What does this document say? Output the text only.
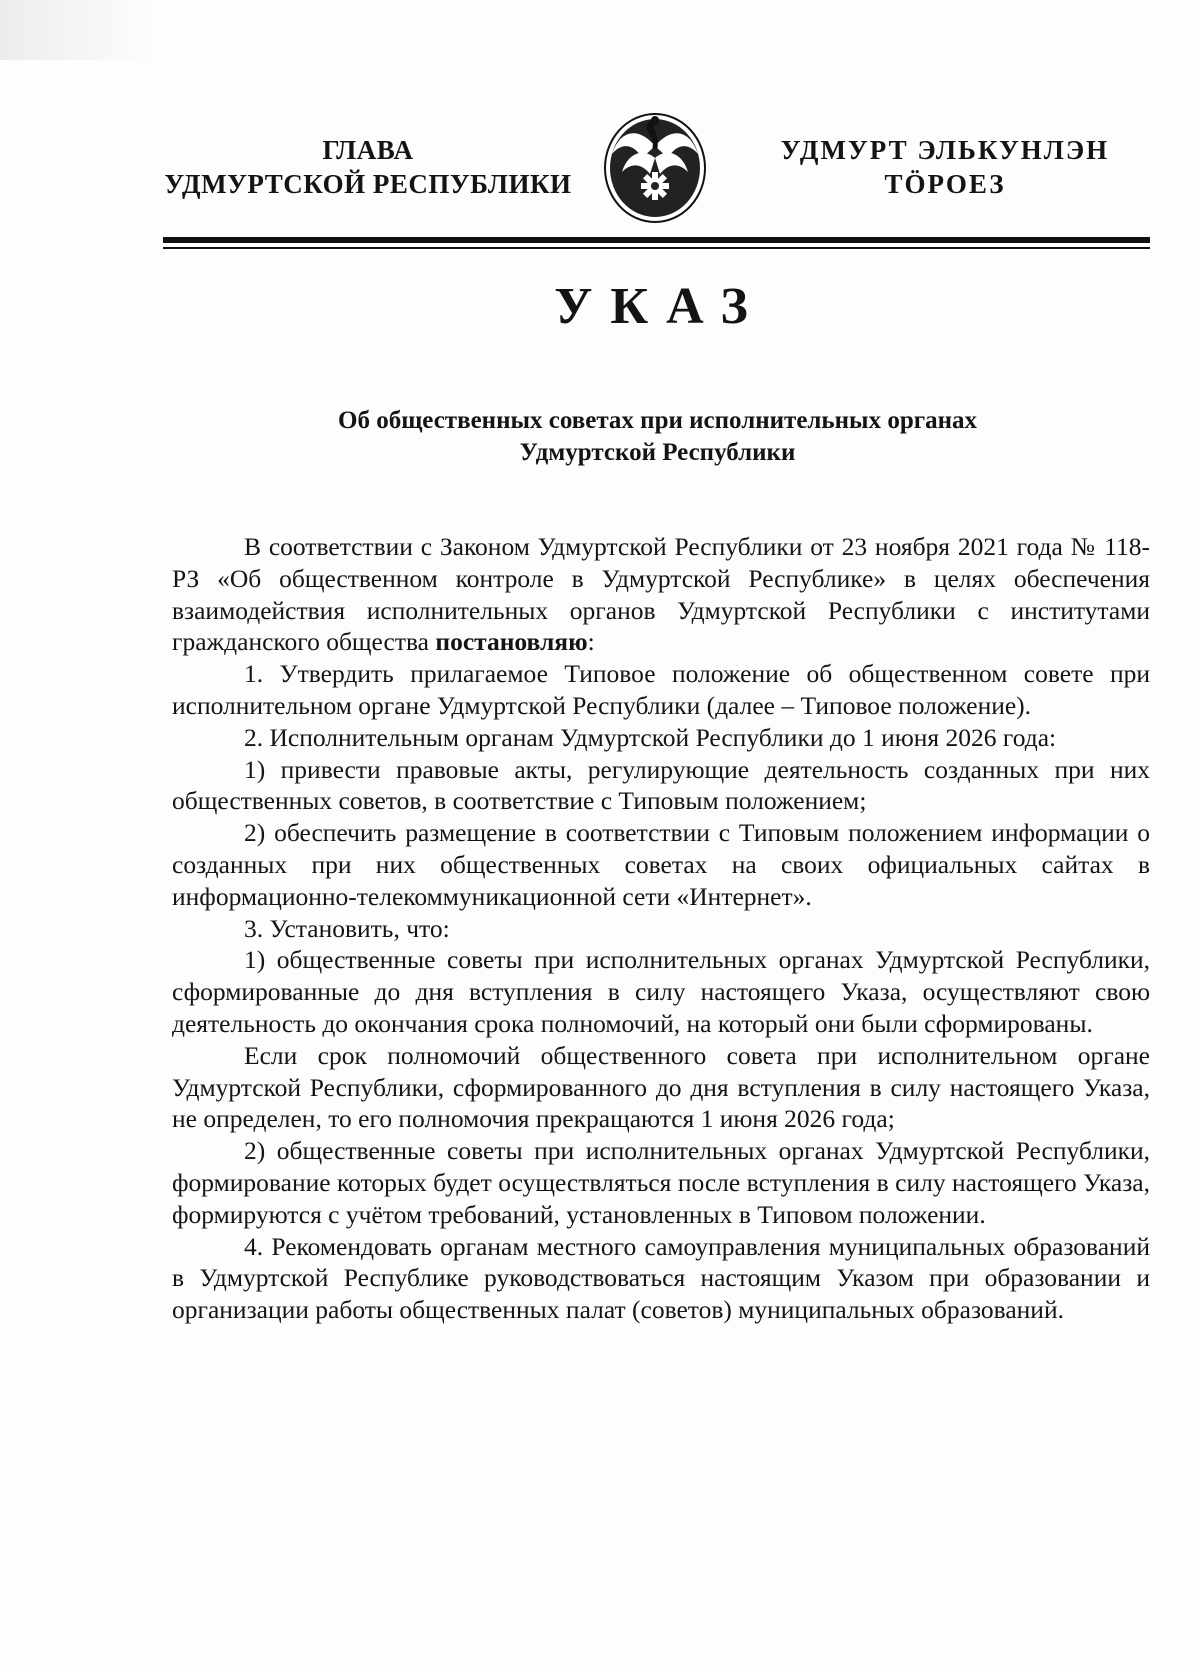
ГЛАВА
УДМУРТСКОЙ РЕСПУБЛИКИ
УДМУРТ ЭЛЬКУНЛЭН
ТӦРОЕЗ
УКАЗ
Об общественных советах при исполнительных органах
Удмуртской Республики

В соответствии с Законом Удмуртской Республики от 23 ноября 2021 года № 118-РЗ «Об общественном контроле в Удмуртской Республике» в целях обеспечения взаимодействия исполнительных органов Удмуртской Республики с институтами гражданского общества постановляю:

1. Утвердить прилагаемое Типовое положение об общественном совете при исполнительном органе Удмуртской Республики (далее – Типовое положение).

2. Исполнительным органам Удмуртской Республики до 1 июня 2026 года:

1) привести правовые акты, регулирующие деятельность созданных при них общественных советов, в соответствие с Типовым положением;

2) обеспечить размещение в соответствии с Типовым положением информации о созданных при них общественных советах на своих официальных сайтах в информационно-телекоммуникационной сети «Интернет».

3. Установить, что:

1) общественные советы при исполнительных органах Удмуртской Республики, сформированные до дня вступления в силу настоящего Указа, осуществляют свою деятельность до окончания срока полномочий, на который они были сформированы.

Если срок полномочий общественного совета при исполнительном органе Удмуртской Республики, сформированного до дня вступления в силу настоящего Указа, не определен, то его полномочия прекращаются 1 июня 2026 года;

2) общественные советы при исполнительных органах Удмуртской Республики, формирование которых будет осуществляться после вступления в силу настоящего Указа, формируются с учётом требований, установленных в Типовом положении.

4. Рекомендовать органам местного самоуправления муниципальных образований в Удмуртской Республике руководствоваться настоящим Указом при образовании и организации работы общественных палат (советов) муниципальных образований.
